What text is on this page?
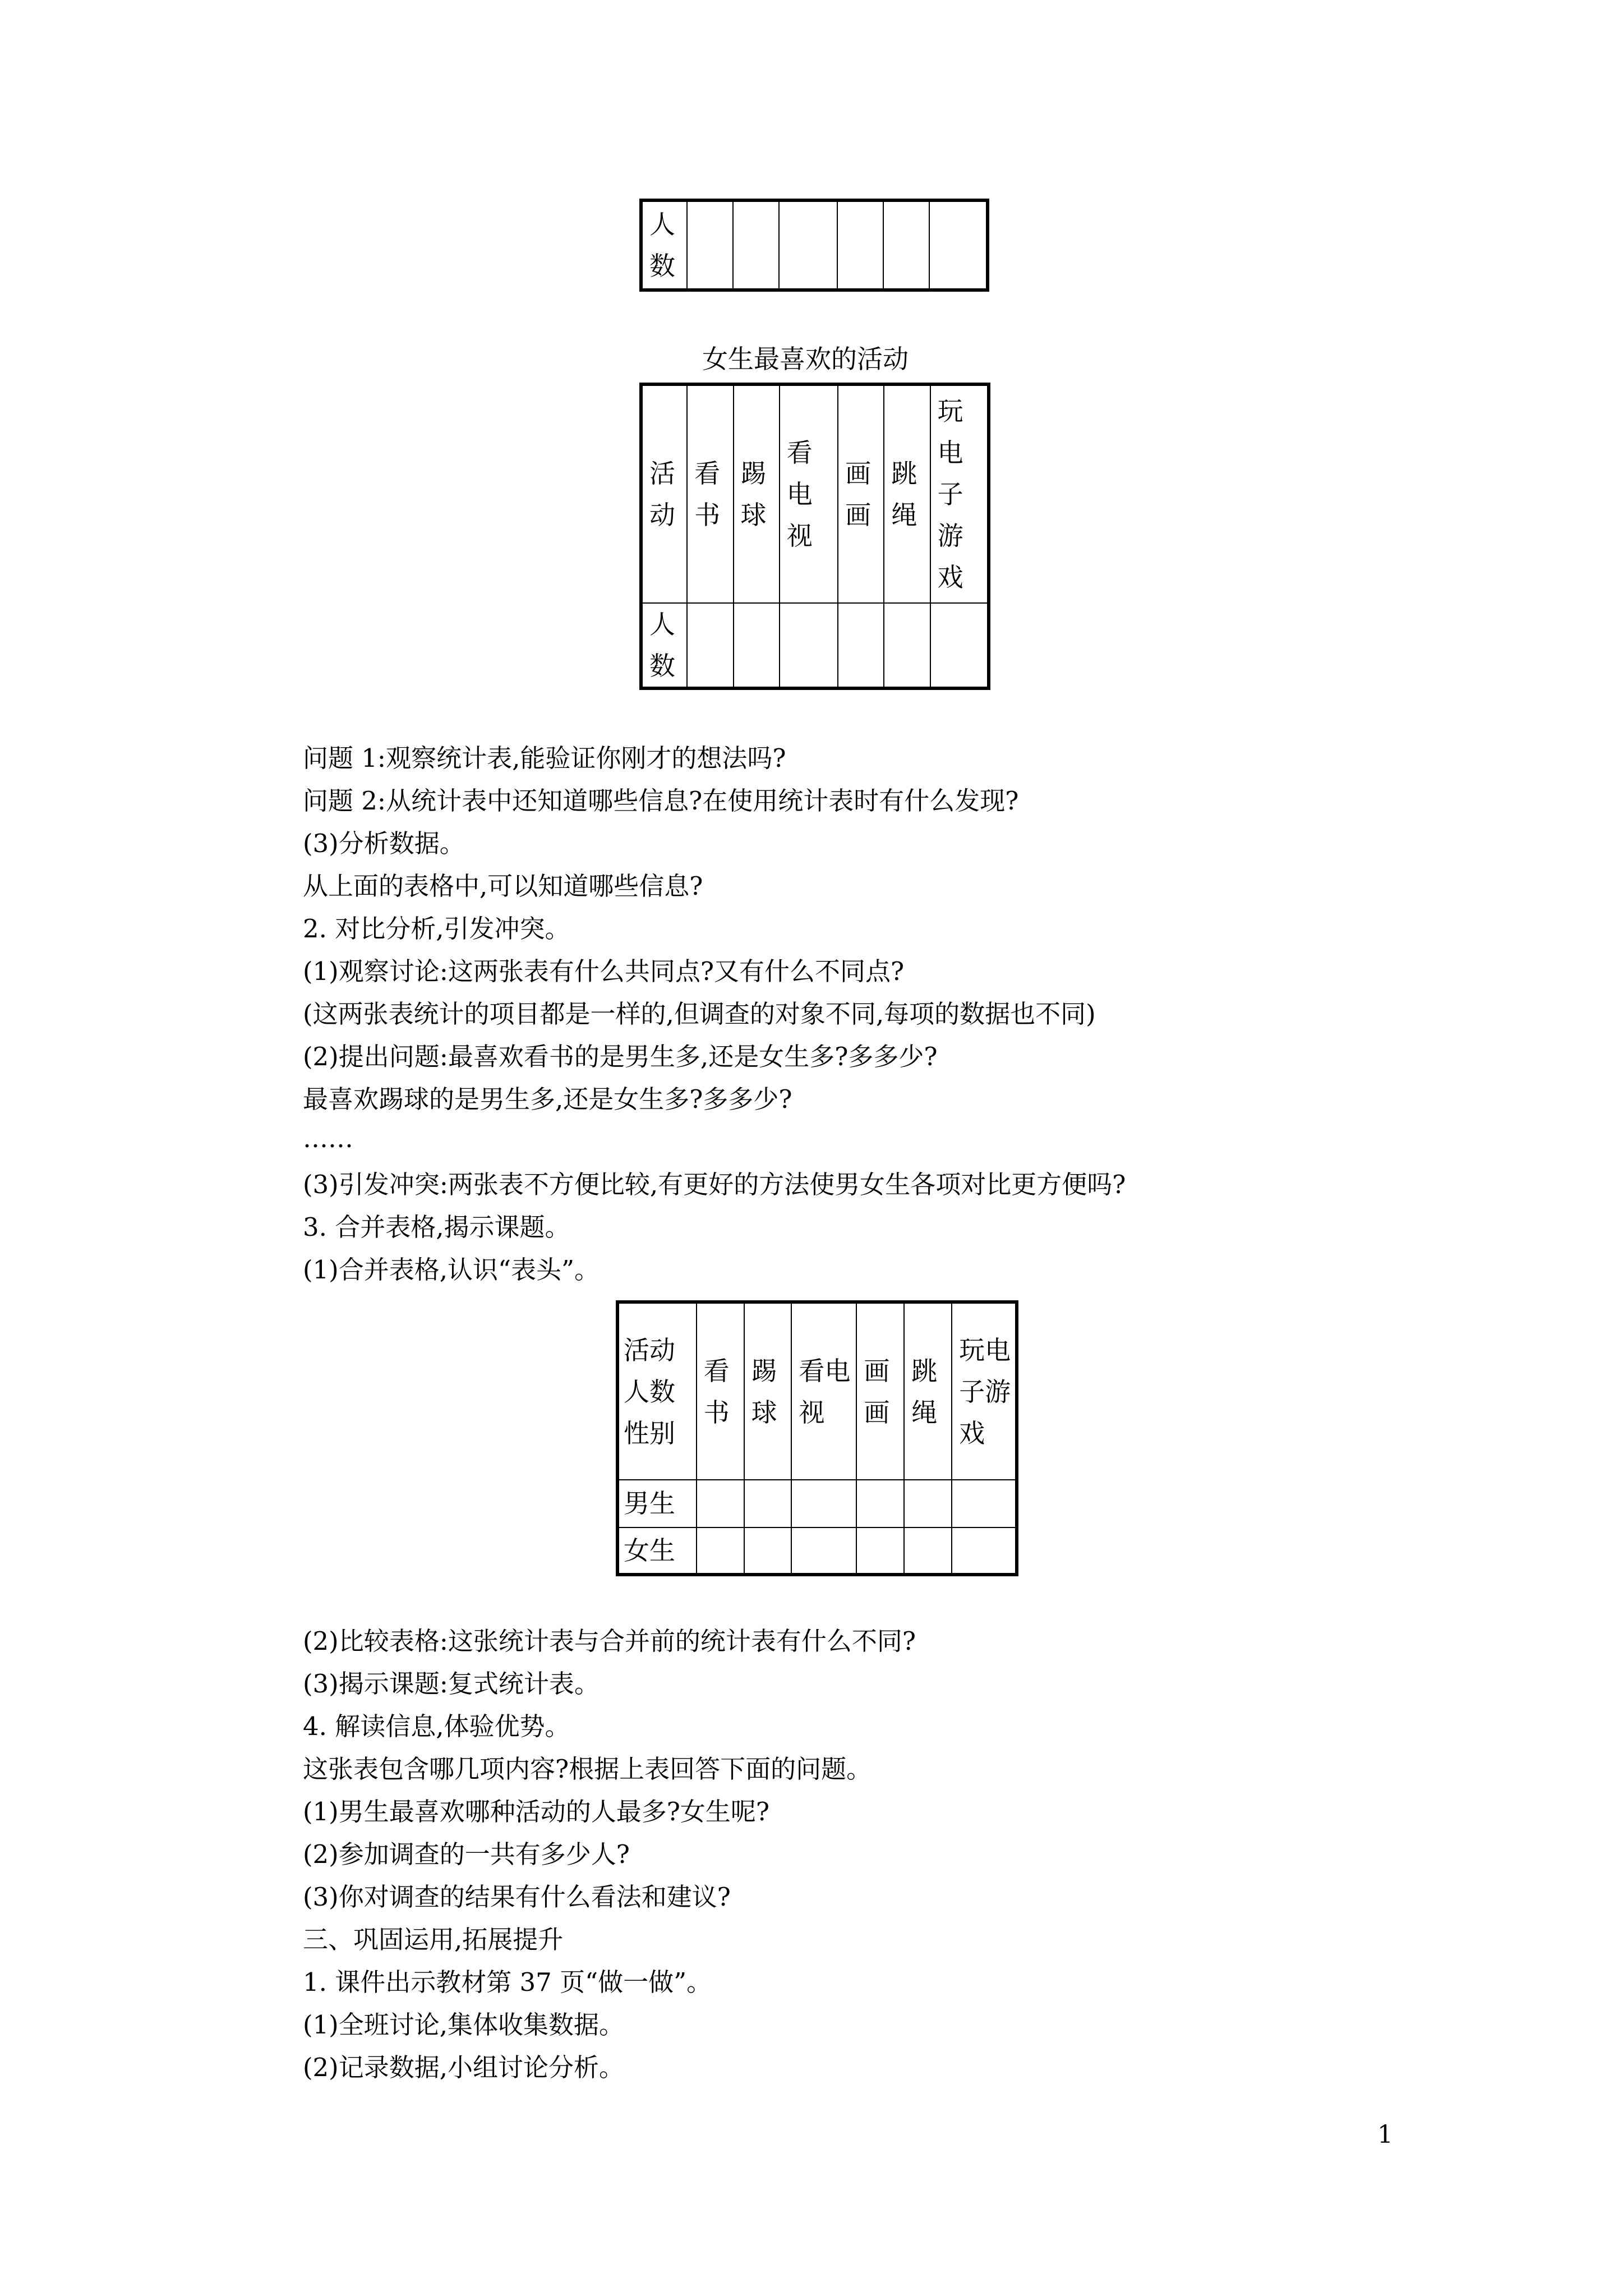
人数						
女生最喜欢的活动
活动	看书	踢球	看电视	画画	跳绳	玩电子游戏
人数						
问题 1:观察统计表,能验证你刚才的想法吗?
问题 2:从统计表中还知道哪些信息?在使用统计表时有什么发现?
(3)分析数据。
从上面的表格中,可以知道哪些信息?
2. 对比分析,引发冲突。
(1)观察讨论:这两张表有什么共同点?又有什么不同点?
(这两张表统计的项目都是一样的,但调查的对象不同,每项的数据也不同)
(2)提出问题:最喜欢看书的是男生多,还是女生多?多多少?
最喜欢踢球的是男生多,还是女生多?多多少?
……
(3)引发冲突:两张表不方便比较,有更好的方法使男女生各项对比更方便吗?
3. 合并表格,揭示课题。
(1)合并表格,认识“表头”。
活动
人数
性别	看书	踢球	看电视	画画	跳绳	玩电子游戏
男生						
女生						
(2)比较表格:这张统计表与合并前的统计表有什么不同?
(3)揭示课题:复式统计表。
4. 解读信息,体验优势。
这张表包含哪几项内容?根据上表回答下面的问题。
(1)男生最喜欢哪种活动的人最多?女生呢?
(2)参加调查的一共有多少人?
(3)你对调查的结果有什么看法和建议?
三、巩固运用,拓展提升
1. 课件出示教材第 37 页“做一做”。
(1)全班讨论,集体收集数据。
(2)记录数据,小组讨论分析。
1
